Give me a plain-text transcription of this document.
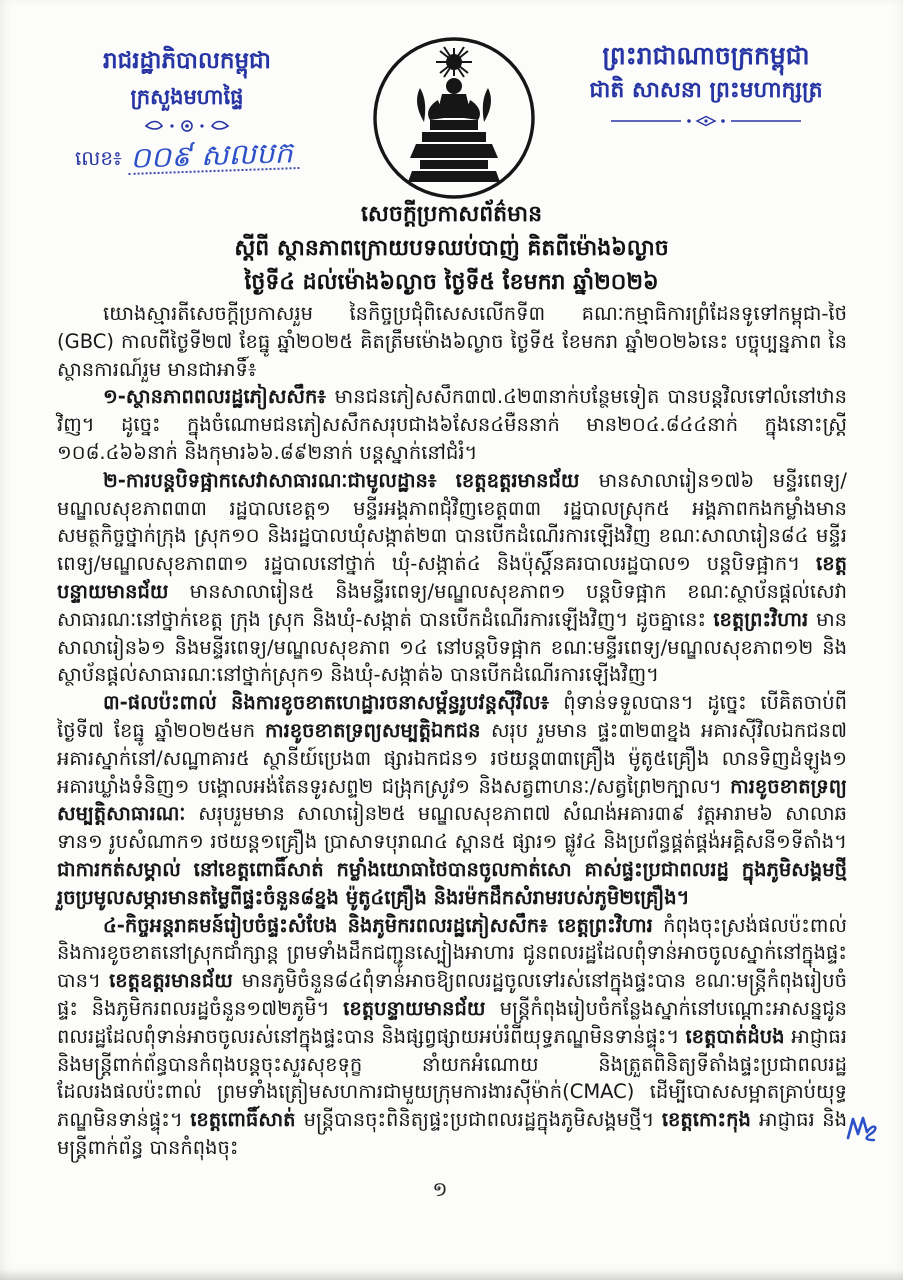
រាជរដ្ឋាភិបាលកម្ពុជា
ក្រសួងមហាផ្ទៃ
លេខ៖ ០០៩ សលបក
ព្រះរាជាណាចក្រកម្ពុជា
ជាតិ សាសនា ព្រះមហាក្សត្រ
សេចក្តីប្រកាសព័ត៌មាន
ស្តីពី ស្ថានភាពក្រោយបទឈប់បាញ់ គិតពីម៉ោង៦ល្ងាច
ថ្ងៃទី៤ ដល់ម៉ោង៦ល្ងាច ថ្ងៃទី៥ ខែមករា ឆ្នាំ២០២៦

យោងស្មារតីសេចក្តីប្រកាសរួម នៃកិច្ចប្រជុំពិសេសលើកទី៣ គណៈកម្មាធិការព្រំដែនទូទៅកម្ពុជា-ថៃ (GBC) កាលពីថ្ងៃទី២៧ ខែធ្នូ ឆ្នាំ២០២៥ គិតត្រឹមម៉ោង៦ល្ងាច ថ្ងៃទី៥ ខែមករា ឆ្នាំ២០២៦នេះ បច្ចុប្បន្នភាព នៃស្ថានការណ៍រួម មានជាអាទិ៍៖

១-ស្ថានភាពពលរដ្ឋភៀសសឹក៖ មានជនភៀសសឹក៣៧.៤២៣នាក់បន្ថែមទៀត បានបន្តវិលទៅលំនៅឋានវិញ។ ដូច្នេះ ក្នុងចំណោមជនភៀសសឹកសរុបជាង៦សែន៤មឺននាក់ មាន២០៤.៨៤៤នាក់ ក្នុងនោះស្រ្តី ១០៨.៤៦៦នាក់ និងកុមារ៦៦.៨៩២នាក់ បន្តស្នាក់នៅជំរំ។

២-ការបន្តបិទផ្អាកសេវាសាធារណៈជាមូលដ្ឋាន៖ ខេត្តឧត្តរមានជ័យ មានសាលារៀន១៧៦ មន្ទីរពេទ្យ/មណ្ឌលសុខភាព៣៣ រដ្ឋបាលខេត្ត១ មន្ទីរអង្គភាពជុំវិញខេត្ត៣៣ រដ្ឋបាលស្រុក៥ អង្គភាពកងកម្លាំងមានសមត្ថកិច្ចថ្នាក់ក្រុង ស្រុក១០ និងរដ្ឋបាលឃុំសង្កាត់២៣ បានបើកដំណើរការឡើងវិញ ខណៈសាលារៀន៨៤ មន្ទីរពេទ្យ/មណ្ឌលសុខភាព៣១ រដ្ឋបាលនៅថ្នាក់ ឃុំ-សង្កាត់៤ និងប៉ុស្តិ៍នគរបាលរដ្ឋបាល១ បន្តបិទផ្អាក។ ខេត្តបន្ទាយមានជ័យ មានសាលារៀន៥ និងមន្ទីរពេទ្យ/មណ្ឌលសុខភាព១ បន្តបិទផ្អាក ខណៈស្ថាប័នផ្តល់សេវាសាធារណៈនៅថ្នាក់ខេត្ត ក្រុង ស្រុក និងឃុំ-សង្កាត់ បានបើកដំណើរការឡើងវិញ។ ដូចគ្នានេះ ខេត្តព្រះវិហារ មានសាលារៀន៦១ និងមន្ទីរពេទ្យ/មណ្ឌលសុខភាព ១៤ នៅបន្តបិទផ្អាក ខណៈមន្ទីរពេទ្យ/មណ្ឌលសុខភាព១២ និងស្ថាប័នផ្តល់សាធារណៈនៅថ្នាក់ស្រុក១ និងឃុំ-សង្កាត់៦ បានបើកដំណើរការឡើងវិញ។

៣-ផលប៉ះពាល់ និងការខូចខាតហេដ្ឋារចនាសម្ព័ន្ធរូបវន្តស៊ីវិល៖ ពុំទាន់ទទួលបាន។ ដូច្នេះ បើគិតចាប់ពីថ្ងៃទី៧ ខែធ្នូ ឆ្នាំ២០២៥មក ការខូចខាតទ្រព្យសម្បត្តិឯកជន សរុប រួមមាន ផ្ទះ៣២៣ខ្នង អគារស៊ីវិលឯកជន៧ អគារស្នាក់នៅ/សណ្ឋាគារ៥ ស្ថានីយ៍ប្រេង៣ ផ្សារឯកជន១ រថយន្ត៣៣គ្រឿង ម៉ូតូ៥គ្រឿង លានទិញដំឡូង១ អគារឃ្លាំងទំនិញ១ បង្គោលអង់តែនទូរសព្ទ២ ជង្រុកស្រូវ១ និងសត្វពាហនៈ/សត្វព្រៃ២ក្បាល។ ការខូចខាតទ្រព្យសម្បត្តិសាធារណៈ សរុបរួមមាន សាលារៀន២៥ មណ្ឌលសុខភាព៧ សំណង់អគារ៣៩ វត្តអារាម៦ សាលាឆទាន១ រូបសំណាក១ រថយន្ត១គ្រឿង ប្រាសាទបុរាណ៤ ស្ពាន៥ ផ្សារ១ ផ្លូវ៤ និងប្រព័ន្ធផ្គត់ផ្គង់អគ្គិសនី១ទីតាំង។ ជាការកត់សម្គាល់ នៅខេត្តពោធិ៍សាត់ កម្លាំងយោធាថៃបានចូលកាត់សោ គាស់ផ្ទះប្រជាពលរដ្ឋ ក្នុងភូមិសង្គមថ្មី រួចប្រមូលសម្ភារមានតម្លៃពីផ្ទះចំនួន៨ខ្នង ម៉ូតូ៤គ្រឿង និងរម៉កដឹកសំរាមរបស់ភូមិ២គ្រឿង។

៤-កិច្ចអន្តរាគមន៍រៀបចំផ្ទះសំបែង និងភូមិករពលរដ្ឋភៀសសឹក៖ ខេត្តព្រះវិហារ កំពុងចុះស្រង់ផលប៉ះពាល់ និងការខូចខាតនៅស្រុកជាំក្សាន្ត ព្រមទាំងដឹកជញ្ជូនស្បៀងអាហារ ជូនពលរដ្ឋដែលពុំទាន់អាចចូលស្នាក់នៅក្នុងផ្ទះបាន។ ខេត្តឧត្តរមានជ័យ មានភូមិចំនួន៨៤ពុំទាន់អាចឱ្យពលរដ្ឋចូលទៅរស់នៅក្នុងផ្ទះបាន ខណៈមន្ត្រីកំពុងរៀបចំផ្ទះ និងភូមិករពលរដ្ឋចំនួន១៧២ភូមិ។ ខេត្តបន្ទាយមានជ័យ មន្ត្រីកំពុងរៀបចំកន្លែងស្នាក់នៅបណ្តោះអាសន្នជូនពលរដ្ឋដែលពុំទាន់អាចចូលរស់នៅក្នុងផ្ទះបាន និងផ្សព្វផ្សាយអប់រំពីយុទ្ធភណ្ឌមិនទាន់ផ្ទុះ។ ខេត្តបាត់ដំបង អាជ្ញាធរ និងមន្ត្រីពាក់ព័ន្ធបានកំពុងបន្តចុះសួរសុខទុក្ខ នាំយកអំណោយ និងត្រួតពិនិត្យទីតាំងផ្ទះប្រជាពលរដ្ឋដែលរងផលប៉ះពាល់ ព្រមទាំងត្រៀមសហការជាមួយក្រុមការងារស៊ីម៉ាក់(CMAC) ដើម្បីបោសសម្អាតគ្រាប់យុទ្ធភណ្ឌមិនទាន់ផ្ទុះ។ ខេត្តពោធិ៍សាត់ មន្ត្រីបានចុះពិនិត្យផ្ទះប្រជាពលរដ្ឋក្នុងភូមិសង្គមថ្មី។ ខេត្តកោះកុង អាជ្ញាធរ និងមន្ត្រីពាក់ព័ន្ធ បានកំពុងចុះ

១
